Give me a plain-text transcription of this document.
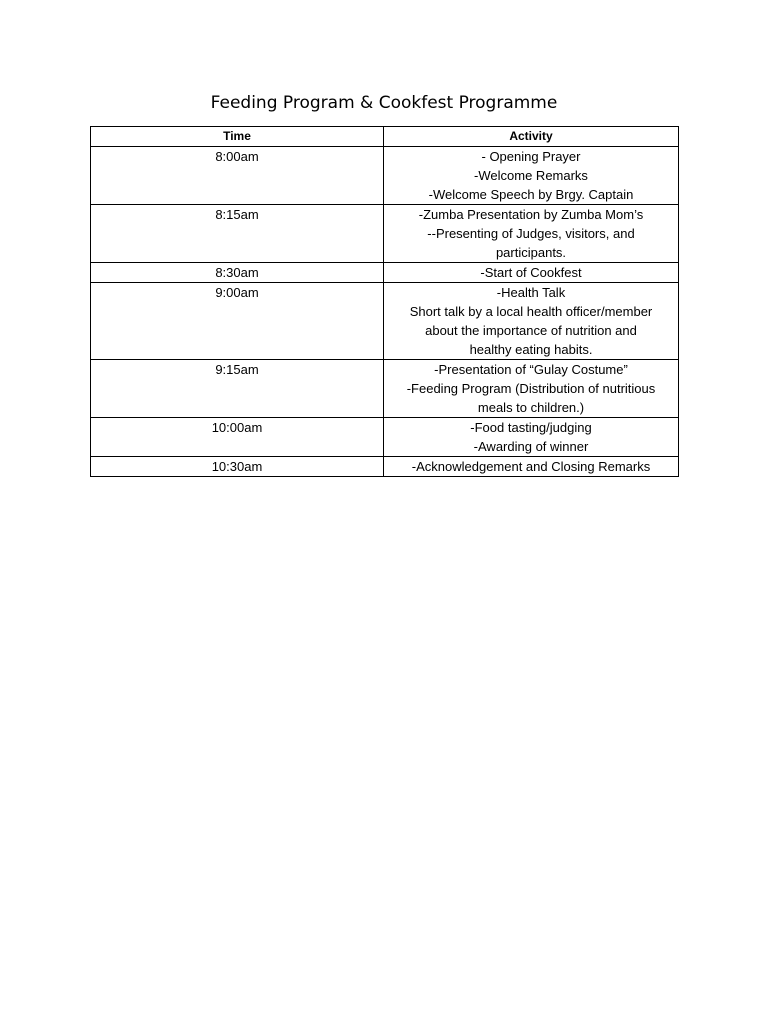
Feeding Program & Cookfest Programme
Time	Activity
8:00am	- Opening Prayer
-Welcome Remarks
-Welcome Speech by Brgy. Captain

8:15am	-Zumba Presentation by Zumba Mom’s
--Presenting of Judges, visitors, and
participants.

8:30am	-Start of Cookfest

9:00am	-Health Talk
Short talk by a local health officer/member
about the importance of nutrition and
healthy eating habits.

9:15am	-Presentation of “Gulay Costume”
-Feeding Program (Distribution of nutritious
meals to children.)

10:00am	-Food tasting/judging
-Awarding of winner

10:30am	-Acknowledgement and Closing Remarks
